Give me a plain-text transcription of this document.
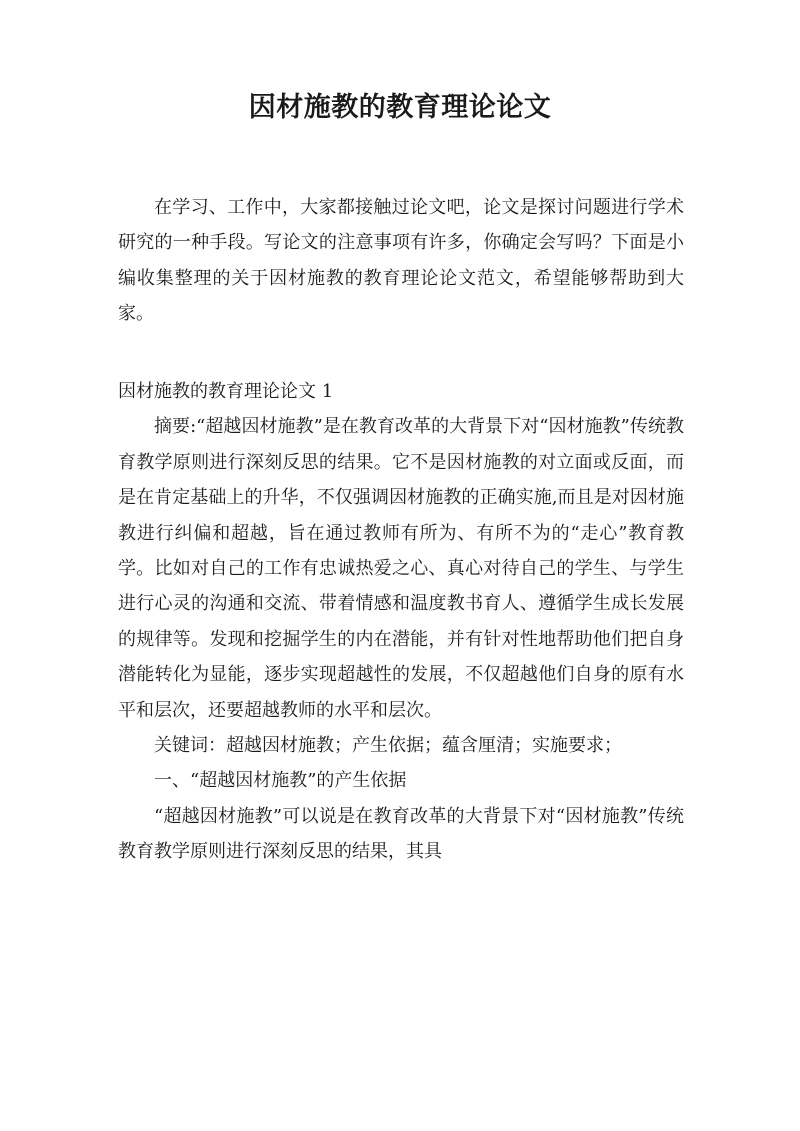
因材施教的教育理论论文
在学习、工作中，大家都接触过论文吧，论文是探讨问题进行学术研究的一种手段。写论文的注意事项有许多，你确定会写吗？下面是小编收集整理的关于因材施教的教育理论论文范文，希望能够帮助到大家。

因材施教的教育理论论文 1

摘要:“超越因材施教”是在教育改革的大背景下对“因材施教”传统教育教学原则进行深刻反思的结果。它不是因材施教的对立面或反面，而是在肯定基础上的升华，不仅强调因材施教的正确实施,而且是对因材施教进行纠偏和超越，旨在通过教师有所为、有所不为的“走心”教育教学。比如对自己的工作有忠诚热爱之心、真心对待自己的学生、与学生进行心灵的沟通和交流、带着情感和温度教书育人、遵循学生成长发展的规律等。发现和挖掘学生的内在潜能，并有针对性地帮助他们把自身潜能转化为显能，逐步实现超越性的发展，不仅超越他们自身的原有水平和层次，还要超越教师的水平和层次。

关键词：超越因材施教；产生依据；蕴含厘清；实施要求；

一、“超越因材施教”的产生依据

“超越因材施教”可以说是在教育改革的大背景下对“因材施教”传统教育教学原则进行深刻反思的结果，其具
